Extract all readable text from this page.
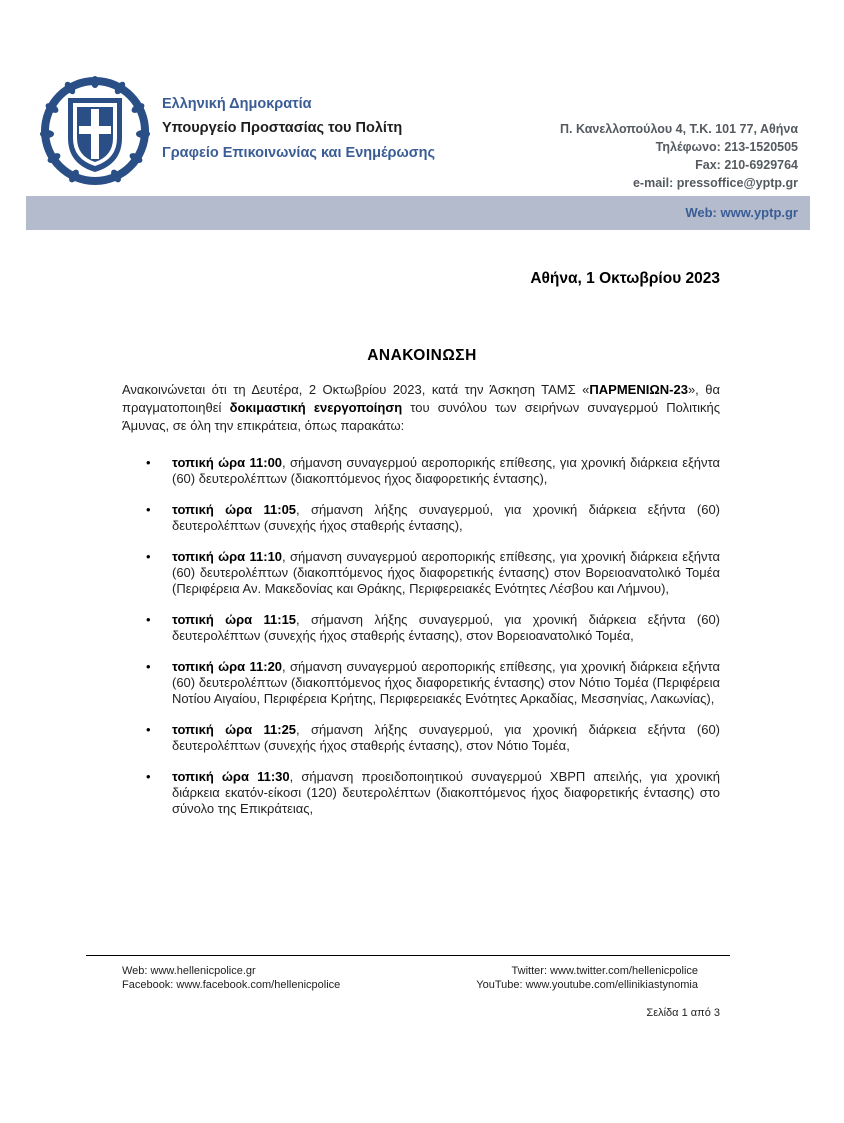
Ελληνική Δημοκρατία
Υπουργείο Προστασίας του Πολίτη
Γραφείο Επικοινωνίας και Ενημέρωσης
Π. Κανελλοπούλου 4, Τ.Κ. 101 77, Αθήνα
Τηλέφωνο: 213-1520505
Fax: 210-6929764
e-mail: pressoffice@yptp.gr
Web: www.yptp.gr
Αθήνα, 1 Οκτωβρίου 2023
ΑΝΑΚΟΙΝΩΣΗ
Ανακοινώνεται ότι τη Δευτέρα, 2 Οκτωβρίου 2023, κατά την Άσκηση ΤΑΜΣ «ΠΑΡΜΕΝΙΩΝ-23», θα πραγματοποιηθεί δοκιμαστική ενεργοποίηση του συνόλου των σειρήνων συναγερμού Πολιτικής Άμυνας, σε όλη την επικράτεια, όπως παρακάτω:
• τοπική ώρα 11:00, σήμανση συναγερμού αεροπορικής επίθεσης, για χρονική διάρκεια εξήντα (60) δευτερολέπτων (διακοπτόμενος ήχος διαφορετικής έντασης),
• τοπική ώρα 11:05, σήμανση λήξης συναγερμού, για χρονική διάρκεια εξήντα (60) δευτερολέπτων (συνεχής ήχος σταθερής έντασης),
• τοπική ώρα 11:10, σήμανση συναγερμού αεροπορικής επίθεσης, για χρονική διάρκεια εξήντα (60) δευτερολέπτων (διακοπτόμενος ήχος διαφορετικής έντασης) στον Βορειοανατολικό Τομέα (Περιφέρεια Αν. Μακεδονίας και Θράκης, Περιφερειακές Ενότητες Λέσβου και Λήμνου),
• τοπική ώρα 11:15, σήμανση λήξης συναγερμού, για χρονική διάρκεια εξήντα (60) δευτερολέπτων (συνεχής ήχος σταθερής έντασης), στον Βορειοανατολικό Τομέα,
• τοπική ώρα 11:20, σήμανση συναγερμού αεροπορικής επίθεσης, για χρονική διάρκεια εξήντα (60) δευτερολέπτων (διακοπτόμενος ήχος διαφορετικής έντασης) στον Νότιο Τομέα (Περιφέρεια Νοτίου Αιγαίου, Περιφέρεια Κρήτης, Περιφερειακές Ενότητες Αρκαδίας, Μεσσηνίας, Λακωνίας),
• τοπική ώρα 11:25, σήμανση λήξης συναγερμού, για χρονική διάρκεια εξήντα (60) δευτερολέπτων (συνεχής ήχος σταθερής έντασης), στον Νότιο Τομέα,
• τοπική ώρα 11:30, σήμανση προειδοποιητικού συναγερμού ΧΒΡΠ απειλής, για χρονική διάρκεια εκατόν-είκοσι (120) δευτερολέπτων (διακοπτόμενος ήχος διαφορετικής έντασης) στο σύνολο της Επικράτειας,
Web: www.hellenicpolice.gr
Facebook: www.facebook.com/hellenicpolice
Twitter: www.twitter.com/hellenicpolice
YouTube: www.youtube.com/ellinikiastynomia
Σελίδα 1 από 3
